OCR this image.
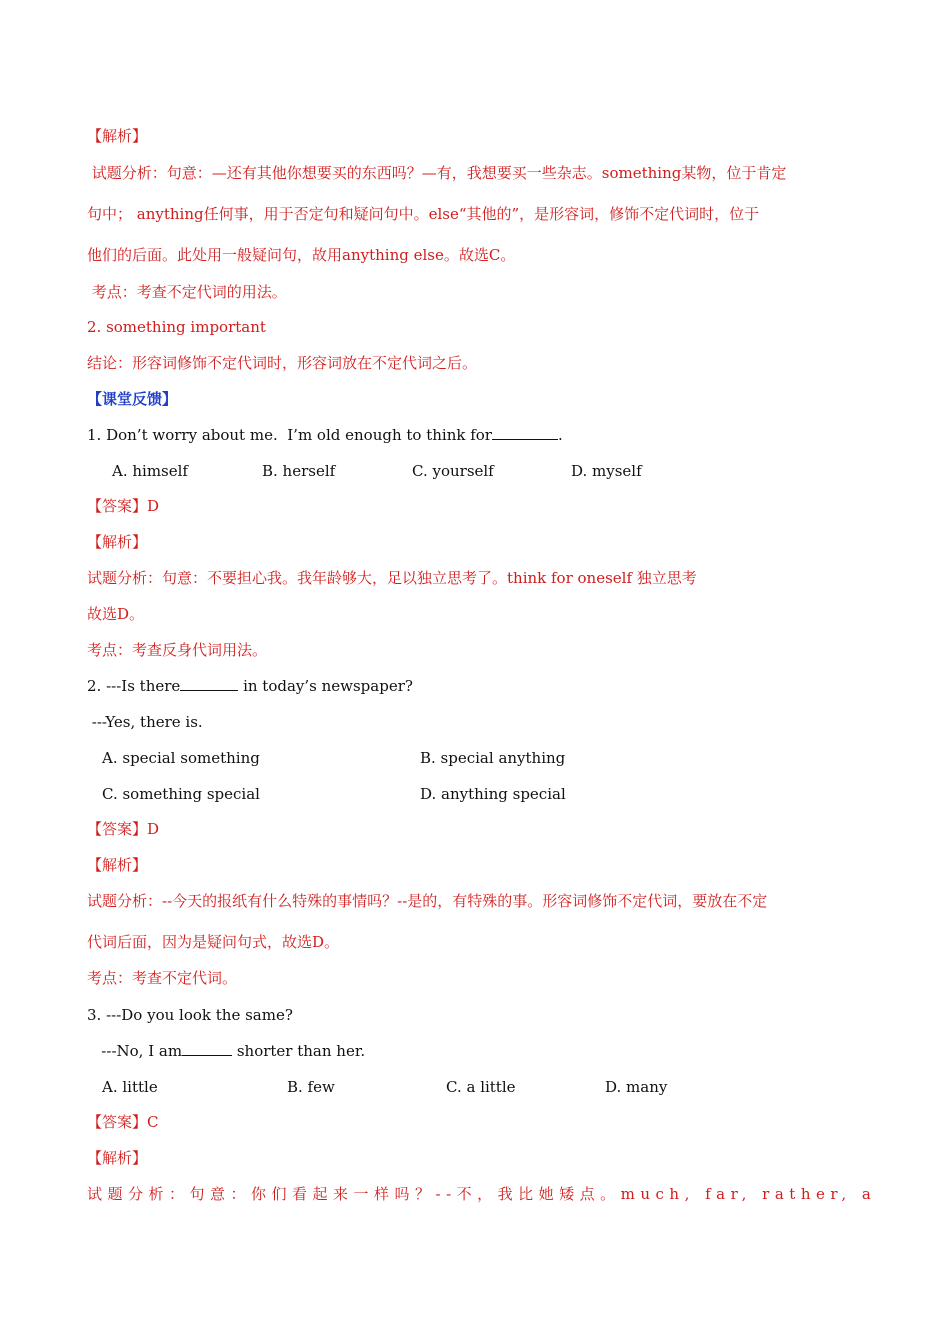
【解析】
试题分析：句意：—还有其他你想要买的东西吗？—有，我想要买一些杂志。something某物，位于肯定
句中； anything任何事，用于否定句和疑问句中。else“其他的”，是形容词，修饰不定代词时，位于
他们的后面。此处用一般疑问句，故用anything else。故选C。
考点：考查不定代词的用法。
2. something important
结论：形容词修饰不定代词时，形容词放在不定代词之后。
【课堂反馈】
1. Don’t worry about me.  I’m old enough to think for	.
A. himself	B. herself	C. yourself	D. myself
【答案】D
【解析】
试题分析：句意：不要担心我。我年龄够大，足以独立思考了。think for oneself 独立思考
故选D。
考点：考查反身代词用法。
2. ---Is there	in today’s newspaper?
---Yes, there is.
A. special something	B. special anything
C. something special	D. anything special
【答案】D
【解析】
试题分析：--今天的报纸有什么特殊的事情吗？--是的，有特殊的事。形容词修饰不定代词，要放在不定
代词后面，因为是疑问句式，故选D。
考点：考查不定代词。
3. ---Do you look the same?
---No, I am	shorter than her.
A. little	B. few	C. a little	D. many
【答案】C
【解析】
试题分析：句意：你们看起来一样吗？--不，我比她矮点。much, far, rather, a
